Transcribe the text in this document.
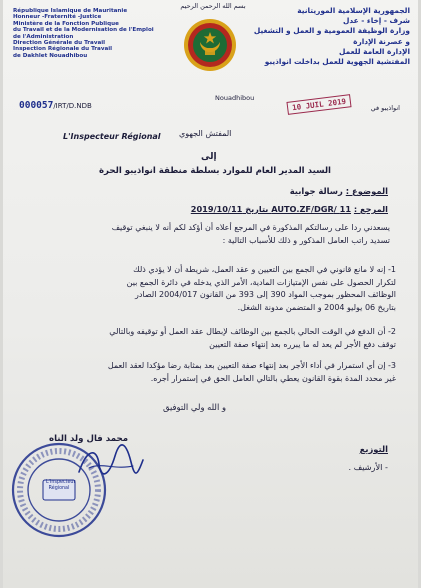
بسم الله الرحمن الرحيم
République Islamique de Mauritanie
Honneur -Fraternité -Justice
Ministère de la Fonction Publique
du Travail et de la Modernisation de l'Emploi
de l'Administration
Direction Générale du Travail
Inspection Régionale du Travail
de Dakhlet Nouadhibou
الجمهورية الإسلامية الموريتانية
شرف - إخاء - عدل
وزارة الوظيفة العمومية و العمل و التشغيل
و عصرنة الإدارة
الإدارة العامة للعمل
المفتشية الجهوية للعمل بداخلت انواذيبو
000057/IRT/D.NDB
Nouadhibou
انواذيبو في
10 JUIL 2019
L'Inspecteur Régional المفتش الجهوي
إلى
السيد المدير العام للموارد بسلطة منطقة انواذيبو الحرة
الموضوع : رسالة جوابية
المرجع : 11 /AUTO.ZF/DGR بتاريخ 2019/10/11
يسعدني ردا على رسالتكم المذكورة في المرجع أعلاه أن أؤكد لكم أنه لا ينبغي توقيف
تسديد راتب العامل المذكور و ذلك للأسباب التالية :
1- إنه لا مانع قانوني في الجمع بين التعيين و عقد العمل، شريطة أن لا يؤدي ذلك
لتكرار الحصول على نفس الإمتيازات المادية، الأمر الذي يدخله في دائرة الجمع بين
الوظائف المحظور بموجب المواد 390 إلى 393 من القانون 2004/017 الصادر
بتاريخ 06 يوليو 2004 و المتضمن مدونة الشغل.
2- أن الدفع في الوقت الحالي بالجمع بين الوظائف لإبطال عقد العمل أو توقيفه وبالتالي
توقف دفع الأجر لم يعد له ما يبرره بعد إنتهاء صفة التعيين
3- إن أي استمرار في أداء الأجر بعد إنتهاء صفة التعيين بعد بمثابة رضا مؤكدا لعقد العمل
غير محدد المدة بقوة القانون يعطي بالتالي العامل الحق في إستمرار أجره.
و الله ولي التوفيق
محمد فال ولد الناه
التوزيع
- الأرشيف .
L'Inspecteur
Régional
